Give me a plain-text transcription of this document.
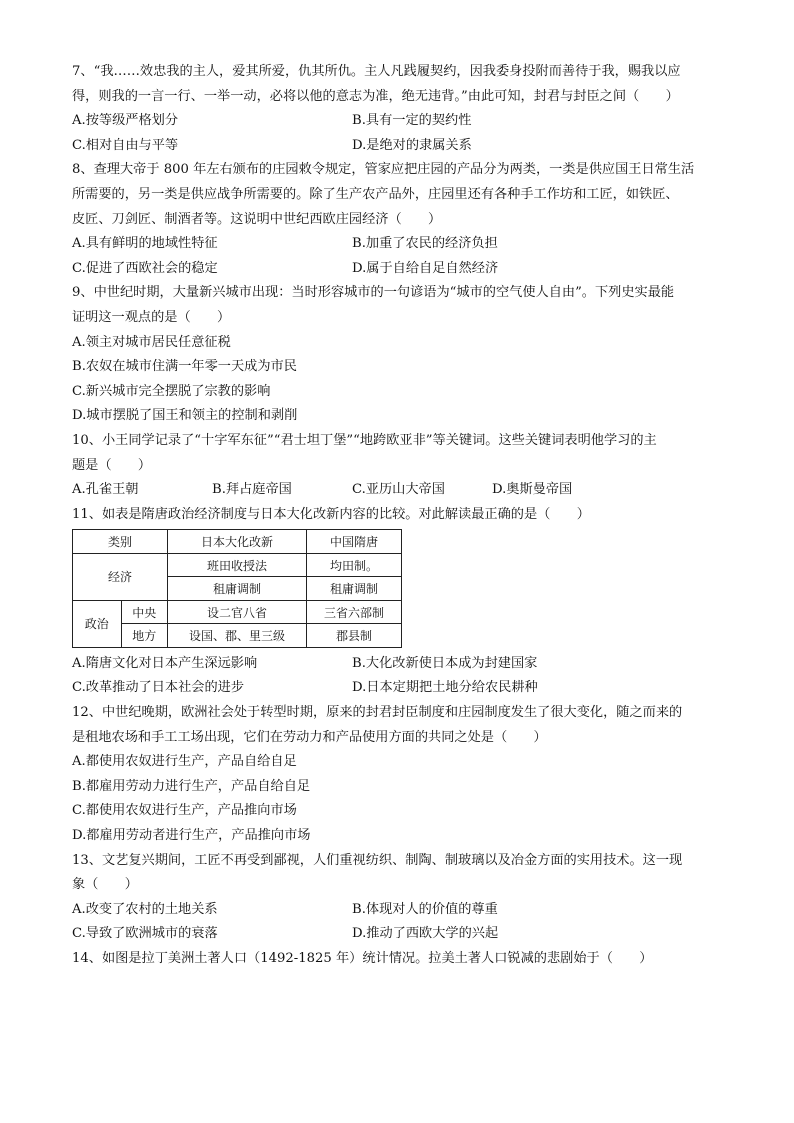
7、“我……效忠我的主人，爱其所爱，仇其所仇。主人凡践履契约，因我委身投附而善待于我，赐我以应
得，则我的一言一行、一举一动，必将以他的意志为准，绝无违背。”由此可知，封君与封臣之间（　　）
A.按等级严格划分	B.具有一定的契约性
C.相对自由与平等	D.是绝对的隶属关系
8、查理大帝于 800 年左右颁布的庄园敕令规定，管家应把庄园的产品分为两类，一类是供应国王日常生活
所需要的，另一类是供应战争所需要的。除了生产农产品外，庄园里还有各种手工作坊和工匠，如铁匠、
皮匠、刀剑匠、制酒者等。这说明中世纪西欧庄园经济（　　）
A.具有鲜明的地域性特征	B.加重了农民的经济负担
C.促进了西欧社会的稳定	D.属于自给自足自然经济
9、中世纪时期，大量新兴城市出现：当时形容城市的一句谚语为“城市的空气使人自由”。下列史实最能
证明这一观点的是（　　）
A.领主对城市居民任意征税
B.农奴在城市住满一年零一天成为市民
C.新兴城市完全摆脱了宗教的影响
D.城市摆脱了国王和领主的控制和剥削
10、小王同学记录了“十字军东征”“君士坦丁堡”“地跨欧亚非”等关键词。这些关键词表明他学习的主
题是（　　）
A.孔雀王朝	B.拜占庭帝国	C.亚历山大帝国	D.奥斯曼帝国
11、如表是隋唐政治经济制度与日本大化改新内容的比较。对此解读最正确的是（　　）
类别		日本大化改新	中国隋唐
经济		班田收授法	均田制。
		租庸调制	租庸调制
政治	中央	设二官八省	三省六部制
	地方	设国、郡、里三级	郡县制
A.隋唐文化对日本产生深远影响	B.大化改新使日本成为封建国家
C.改革推动了日本社会的进步	D.日本定期把土地分给农民耕种
12、中世纪晚期，欧洲社会处于转型时期，原来的封君封臣制度和庄园制度发生了很大变化，随之而来的
是租地农场和手工工场出现，它们在劳动力和产品使用方面的共同之处是（　　）
A.都使用农奴进行生产，产品自给自足
B.都雇用劳动力进行生产，产品自给自足
C.都使用农奴进行生产，产品推向市场
D.都雇用劳动者进行生产，产品推向市场
13、文艺复兴期间，工匠不再受到鄙视，人们重视纺织、制陶、制玻璃以及冶金方面的实用技术。这一现
象（　　）
A.改变了农村的土地关系	B.体现对人的价值的尊重
C.导致了欧洲城市的衰落	D.推动了西欧大学的兴起
14、如图是拉丁美洲土著人口（1492-1825 年）统计情况。拉美土著人口锐减的悲剧始于（　　）
